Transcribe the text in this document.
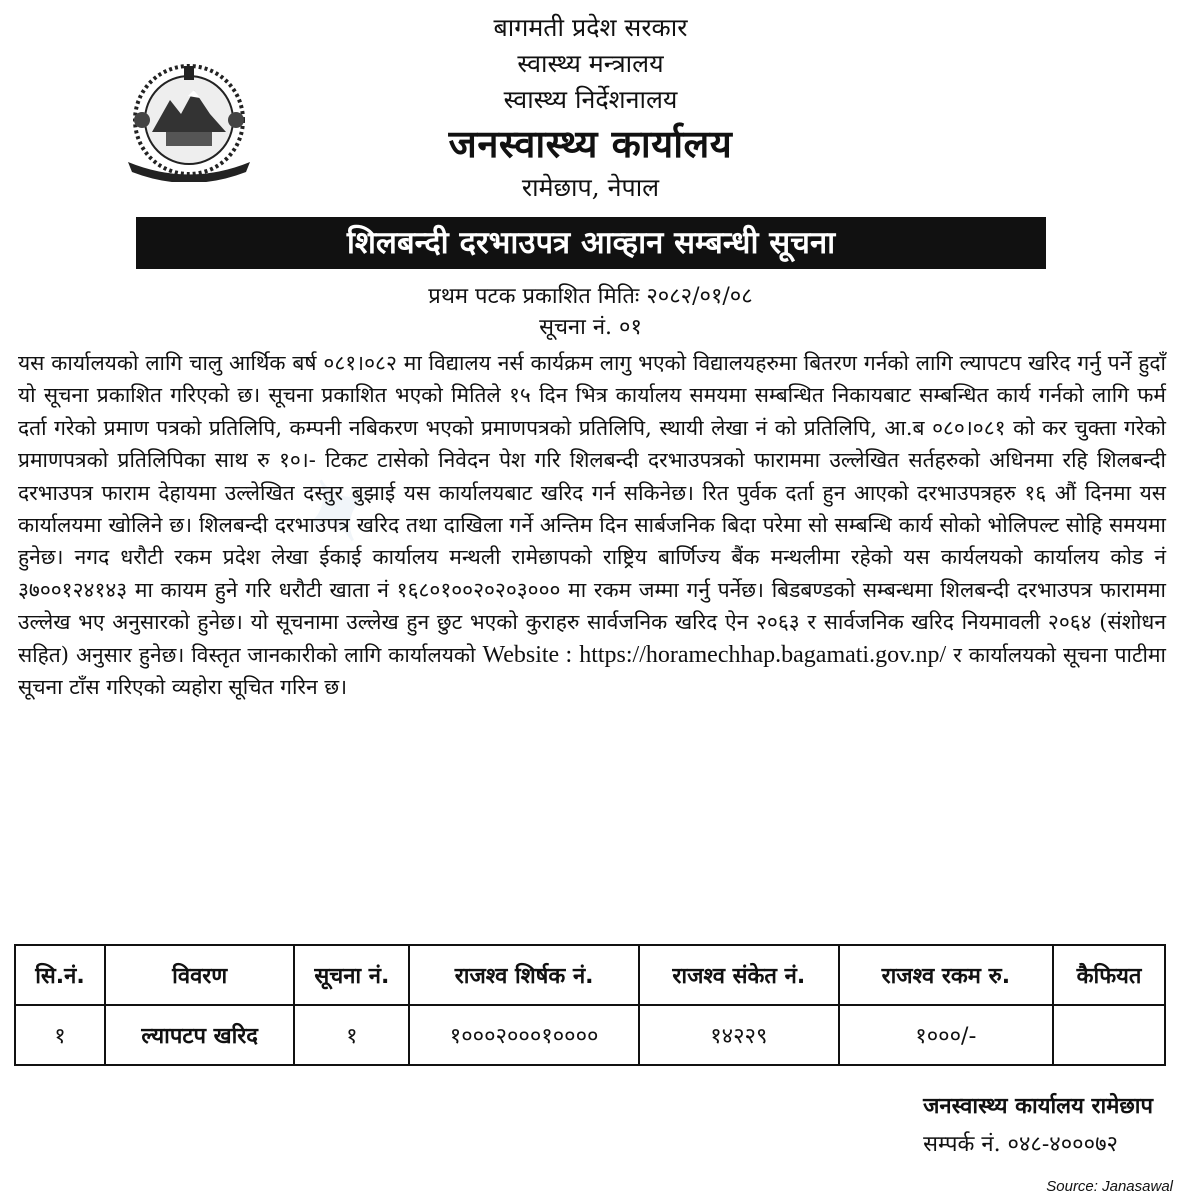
✦
बागमती प्रदेश सरकार
स्वास्थ्य मन्त्रालय
स्वास्थ्य निर्देशनालय
जनस्वास्थ्य कार्यालय
रामेछाप, नेपाल
शिलबन्दी दरभाउपत्र आव्हान सम्बन्धी सूचना
प्रथम पटक प्रकाशित मितिः २०८२/०१/०८
सूचना नं. ०१
यस कार्यालयको लागि चालु आर्थिक बर्ष ०८१।०८२ मा विद्यालय नर्स कार्यक्रम लागु भएको विद्यालयहरुमा बितरण गर्नको लागि ल्यापटप खरिद गर्नु पर्ने हुदाँ यो सूचना प्रकाशित गरिएको छ। सूचना प्रकाशित भएको मितिले १५ दिन भित्र कार्यालय समयमा सम्बन्धित निकायबाट सम्बन्धित कार्य गर्नको लागि फर्म दर्ता गरेको प्रमाण पत्रको प्रतिलिपि, कम्पनी नबिकरण भएको प्रमाणपत्रको प्रतिलिपि, स्थायी लेखा नं को प्रतिलिपि, आ.ब ०८०।०८१ को कर चुक्ता गरेको प्रमाणपत्रको प्रतिलिपिका साथ रु १०।- टिकट टासेको निवेदन पेश गरि शिलबन्दी दरभाउपत्रको फाराममा उल्लेखित सर्तहरुको अधिनमा रहि शिलबन्दी दरभाउपत्र फाराम देहायमा उल्लेखित दस्तुर बुझाई यस कार्यालयबाट खरिद गर्न सकिनेछ। रित पुर्वक दर्ता हुन आएको दरभाउपत्रहरु १६ औं दिनमा यस कार्यालयमा खोलिने छ। शिलबन्दी दरभाउपत्र खरिद तथा दाखिला गर्ने अन्तिम दिन सार्बजनिक बिदा परेमा सो सम्बन्धि कार्य सोको भोलिपल्ट सोहि समयमा हुनेछ। नगद धरौटी रकम प्रदेश लेखा ईकाई कार्यालय मन्थली रामेछापको राष्ट्रिय बार्णिज्य बैंक मन्थलीमा रहेको यस कार्यलयको कार्यालय कोड नं ३७००१२४१४३ मा कायम हुने गरि धरौटी खाता नं १६८०१००२०२०३००० मा रकम जम्मा गर्नु पर्नेछ। बिडबण्डको सम्बन्धमा शिलबन्दी दरभाउपत्र फाराममा उल्लेख भए अनुसारको हुनेछ। यो सूचनामा उल्लेख हुन छुट भएको कुराहरु सार्वजनिक खरिद ऐन २०६३ र सार्वजनिक खरिद नियमावली २०६४ (संशोधन सहित) अनुसार हुनेछ। विस्तृत जानकारीको लागि कार्यालयको Website : https://horamechhap.bagamati.gov.np/ र कार्यालयको सूचना पाटीमा सूचना टाँस गरिएको व्यहोरा सूचित गरिन छ।
सि.नं.	विवरण	सूचना नं.	राजश्व शिर्षक नं.	राजश्व संकेत नं.	राजश्व रकम रु.	कैफियत
१	ल्यापटप खरिद	१	१०००२०००१००००	१४२२९	१०००/-	
जनस्वास्थ्य कार्यालय रामेछाप
सम्पर्क नं. ०४८-४०००७२
Source: Janasawal
